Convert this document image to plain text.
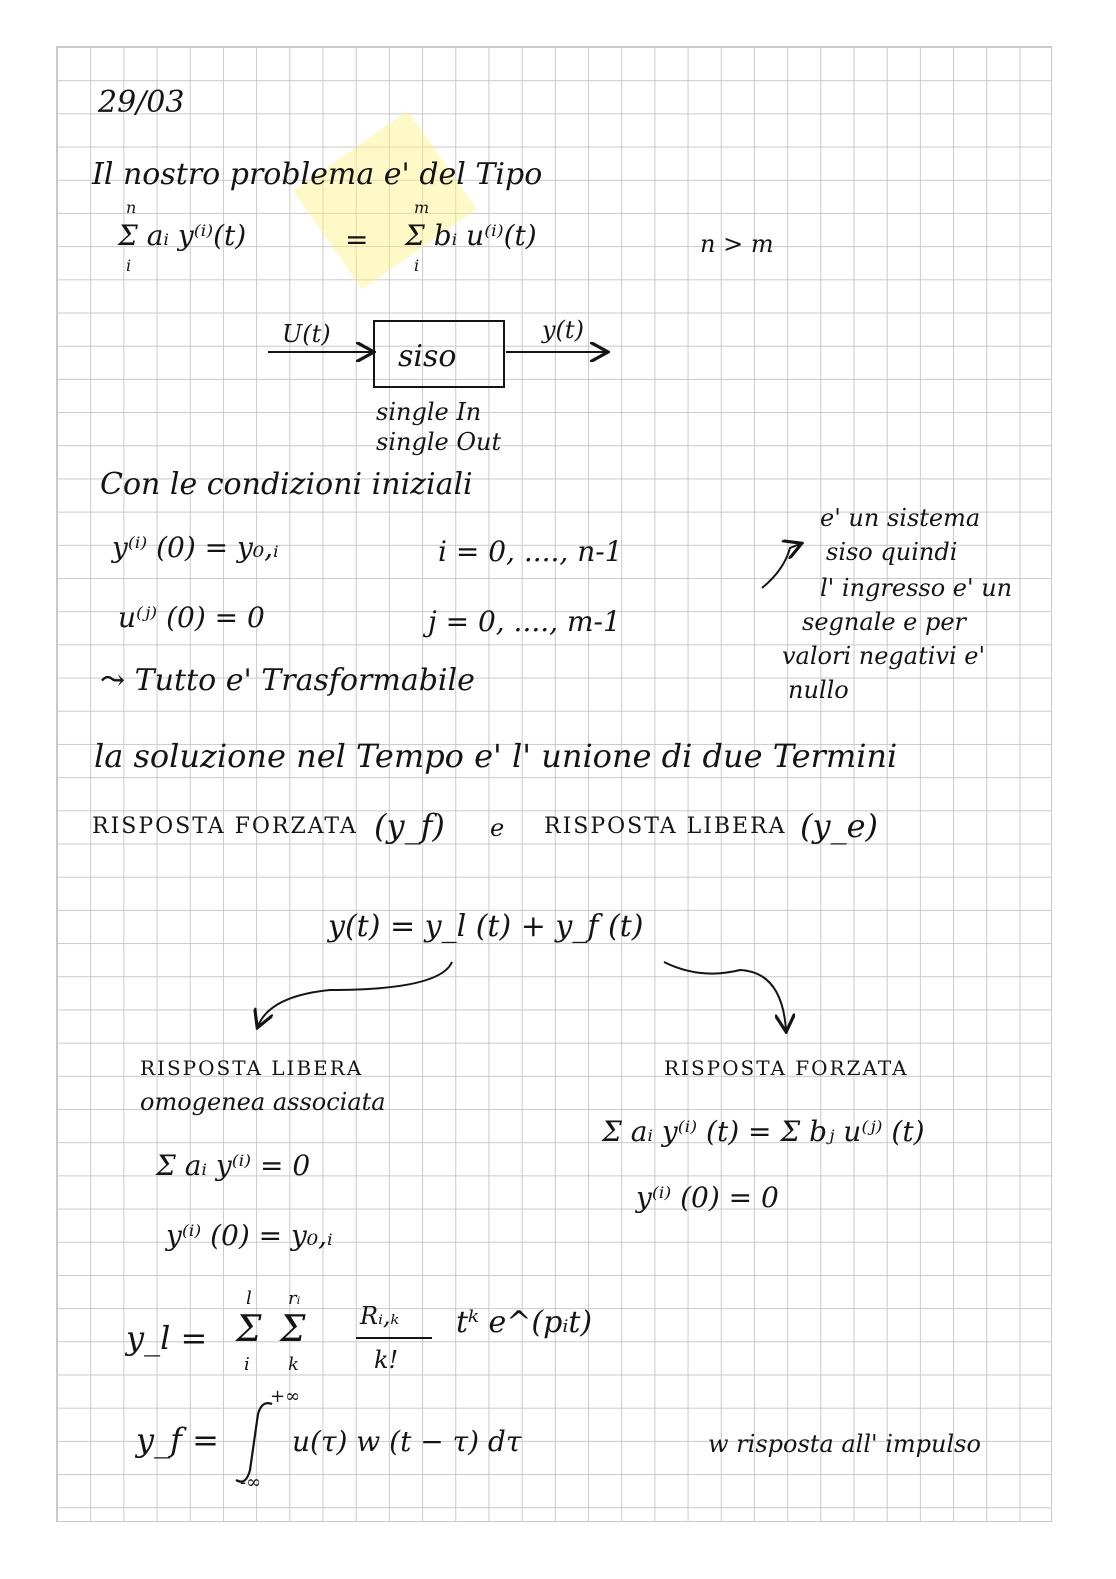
29/03
Il nostro problema e' del Tipo
n
Σ aᵢ y⁽ⁱ⁾(t)
i
=
m
Σ bᵢ u⁽ⁱ⁾(t)
i
n > m
U(t)
siso
y(t)
single In
single Out
Con le condizioni iniziali
y⁽ⁱ⁾ (0) = y₀,ᵢ	i = 0, ...., n-1
u⁽ʲ⁾ (0) = 0	j = 0, ...., m-1
e' un sistema
siso quindi
l' ingresso e' un
segnale e per
valori negativi e'
nullo
⤳ Tutto e' Trasformabile
la soluzione nel Tempo e' l' unione di due Termini
RISPOSTA FORZATA (y_f) e RISPOSTA LIBERA (y_e)
y(t) = y_l (t) + y_f (t)
RISPOSTA LIBERA
omogenea associata
Σ aᵢ y⁽ⁱ⁾ = 0
y⁽ⁱ⁾ (0) = y₀,ᵢ
RISPOSTA FORZATA
Σ aᵢ y⁽ⁱ⁾ (t) = Σ bⱼ u⁽ʲ⁾ (t)
y⁽ⁱ⁾ (0) = 0
y_l =
l
Σ
i
rᵢ
Σ
k
Rᵢ,ₖ
k!
tᵏ e^(pᵢt)
y_f =
+∞
-∞
u(τ) w (t − τ) dτ	w risposta all' impulso
